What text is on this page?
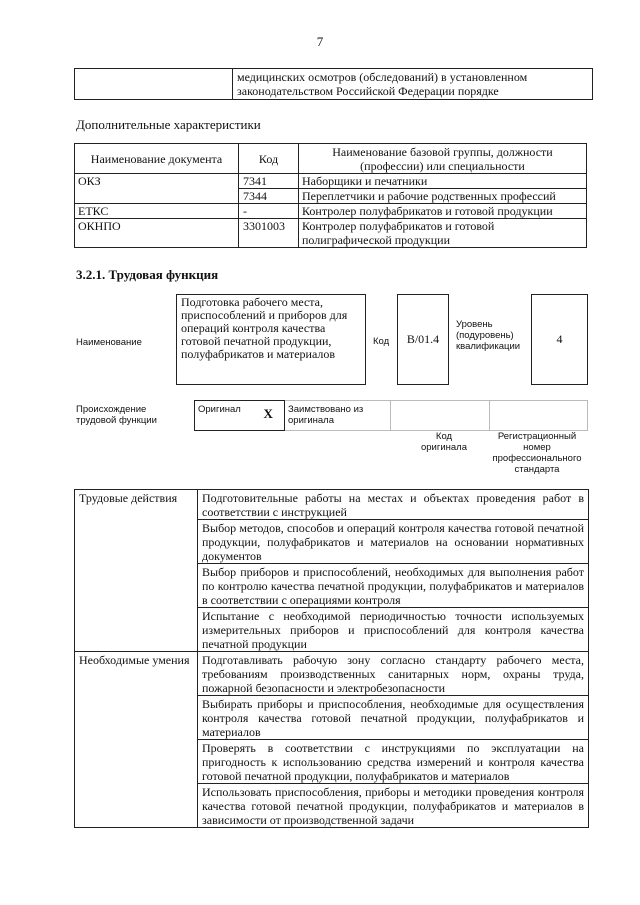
7

медицинских осмотров (обследований) в установленном
законодательством Российской Федерации порядке
Дополнительные характеристики
Наименование документа	Код	Наименование базовой группы, должности (профессии) или специальности
ОКЗ	7341	Наборщики и печатники
	7344	Переплетчики и рабочие родственных профессий
ЕТКС	-	Контролер полуфабрикатов и готовой продукции
ОКНПО	3301003	Контролер полуфабрикатов и готовой полиграфической продукции
3.2.1. Трудовая функция
Наименование
Подготовка рабочего места, приспособлений и приборов для операций контроля качества готовой печатной продукции, полуфабрикатов и материалов
Код	В/01.4
Уровень (подуровень) квалификации
4
Происхождение трудовой функции
Оригинал	X	Заимствовано из оригинала		
Код оригинала
Регистрационный номер профессионального стандарта
Трудовые действия	Подготовительные работы на местах и объектах проведения работ в соответствии с инструкцией
	Выбор методов, способов и операций контроля качества готовой печатной продукции, полуфабрикатов и материалов на основании нормативных документов
	Выбор приборов и приспособлений, необходимых для выполнения работ по контролю качества печатной продукции, полуфабрикатов и материалов в соответствии с операциями контроля
	Испытание с необходимой периодичностью точности используемых измерительных приборов и приспособлений для контроля качества печатной продукции
Необходимые умения	Подготавливать рабочую зону согласно стандарту рабочего места, требованиям производственных санитарных норм, охраны труда, пожарной безопасности и электробезопасности
	Выбирать приборы и приспособления, необходимые для осуществления контроля качества готовой печатной продукции, полуфабрикатов и материалов
	Проверять в соответствии с инструкциями по эксплуатации на пригодность к использованию средства измерений и контроля качества готовой печатной продукции, полуфабрикатов и материалов
	Использовать приспособления, приборы и методики проведения контроля качества готовой печатной продукции, полуфабрикатов и материалов в зависимости от производственной задачи
